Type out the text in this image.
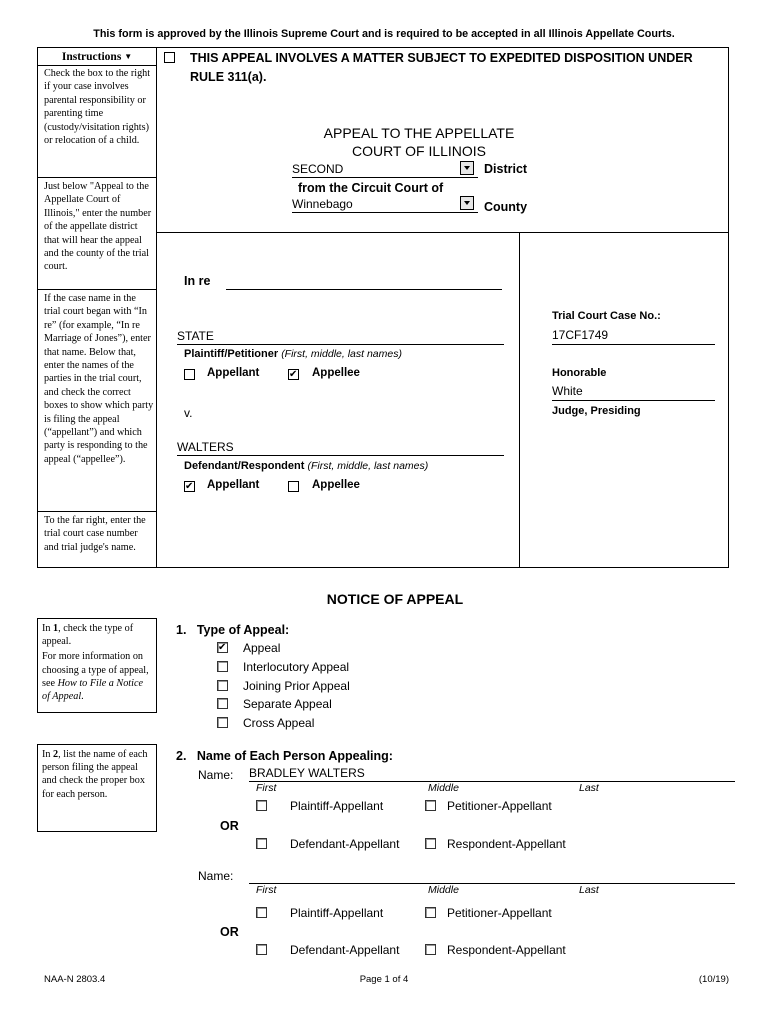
This form is approved by the Illinois Supreme Court and is required to be accepted in all Illinois Appellate Courts.
Instructions ▼
Check the box to the right if your case involves parental responsibility or parenting time (custody/visitation rights) or relocation of a child.
Just below "Appeal to the Appellate Court of Illinois," enter the number of the appellate district that will hear the appeal and the county of the trial court.
If the case name in the trial court began with “In re” (for example, “In re Marriage of Jones”), enter that name. Below that, enter the names of the parties in the trial court, and check the correct boxes to show which party is filing the appeal (“appellant”) and which party is responding to the appeal (“appellee”).
To the far right, enter the trial court case number and trial judge's name.
THIS APPEAL INVOLVES A MATTER SUBJECT TO EXPEDITED DISPOSITION UNDER
RULE 311(a).
APPEAL TO THE APPELLATE
COURT OF ILLINOIS
SECOND	District
from the Circuit Court of
Winnebago	County
In re
STATE
Plaintiff/Petitioner (First, middle, last names)
Appellant
✔	Appellee
v.
WALTERS
Defendant/Respondent (First, middle, last names)
✔
Appellant	Appellee
Trial Court Case No.:
17CF1749
Honorable
White
Judge, Presiding
NOTICE OF APPEAL
In 1, check the type of appeal.
For more information on choosing a type of appeal, see How to File a Notice of Appeal.
1.   Type of Appeal:
✔
Appeal
Interlocutory Appeal
Joining Prior Appeal
Separate Appeal
Cross Appeal
In 2, list the name of each person filing the appeal and check the proper box for each person.
2.   Name of Each Person Appealing:
Name: BRADLEY WALTERS
First	Middle	Last
Plaintiff-Appellant	Petitioner-Appellant
OR
Defendant-Appellant	Respondent-Appellant
Name:
First	Middle	Last
Plaintiff-Appellant	Petitioner-Appellant
OR
Defendant-Appellant	Respondent-Appellant
NAA-N 2803.4	Page 1 of 4	(10/19)
